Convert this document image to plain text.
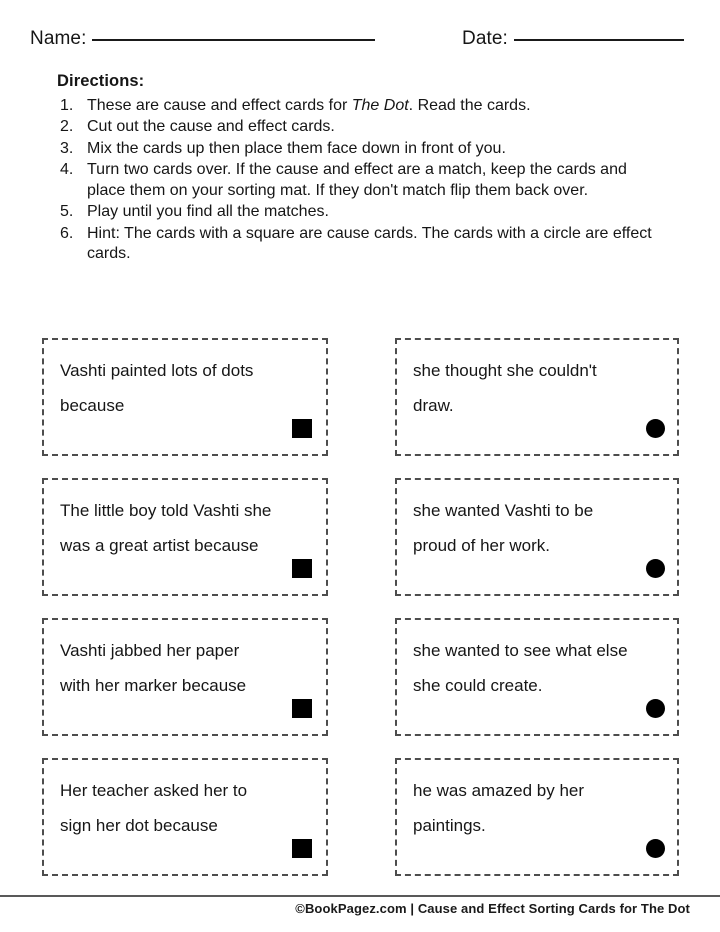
Name:	Date:
Directions:
1. These are cause and effect cards for The Dot. Read the cards.
2. Cut out the cause and effect cards.
3. Mix the cards up then place them face down in front of you.
4. Turn two cards over. If the cause and effect are a match, keep the cards and place them on your sorting mat. If they don't match flip them back over.
5. Play until you find all the matches.
6. Hint: The cards with a square are cause cards. The cards with a circle are effect cards.
Vashti painted lots of dots
because
she thought she couldn't
draw.
The little boy told Vashti she
was a great artist because
she wanted Vashti to be
proud of her work.
Vashti jabbed her paper
with her marker because
she wanted to see what else
she could create.
Her teacher asked her to
sign her dot because
he was amazed by her
paintings.
©BookPagez.com | Cause and Effect Sorting Cards for The Dot
